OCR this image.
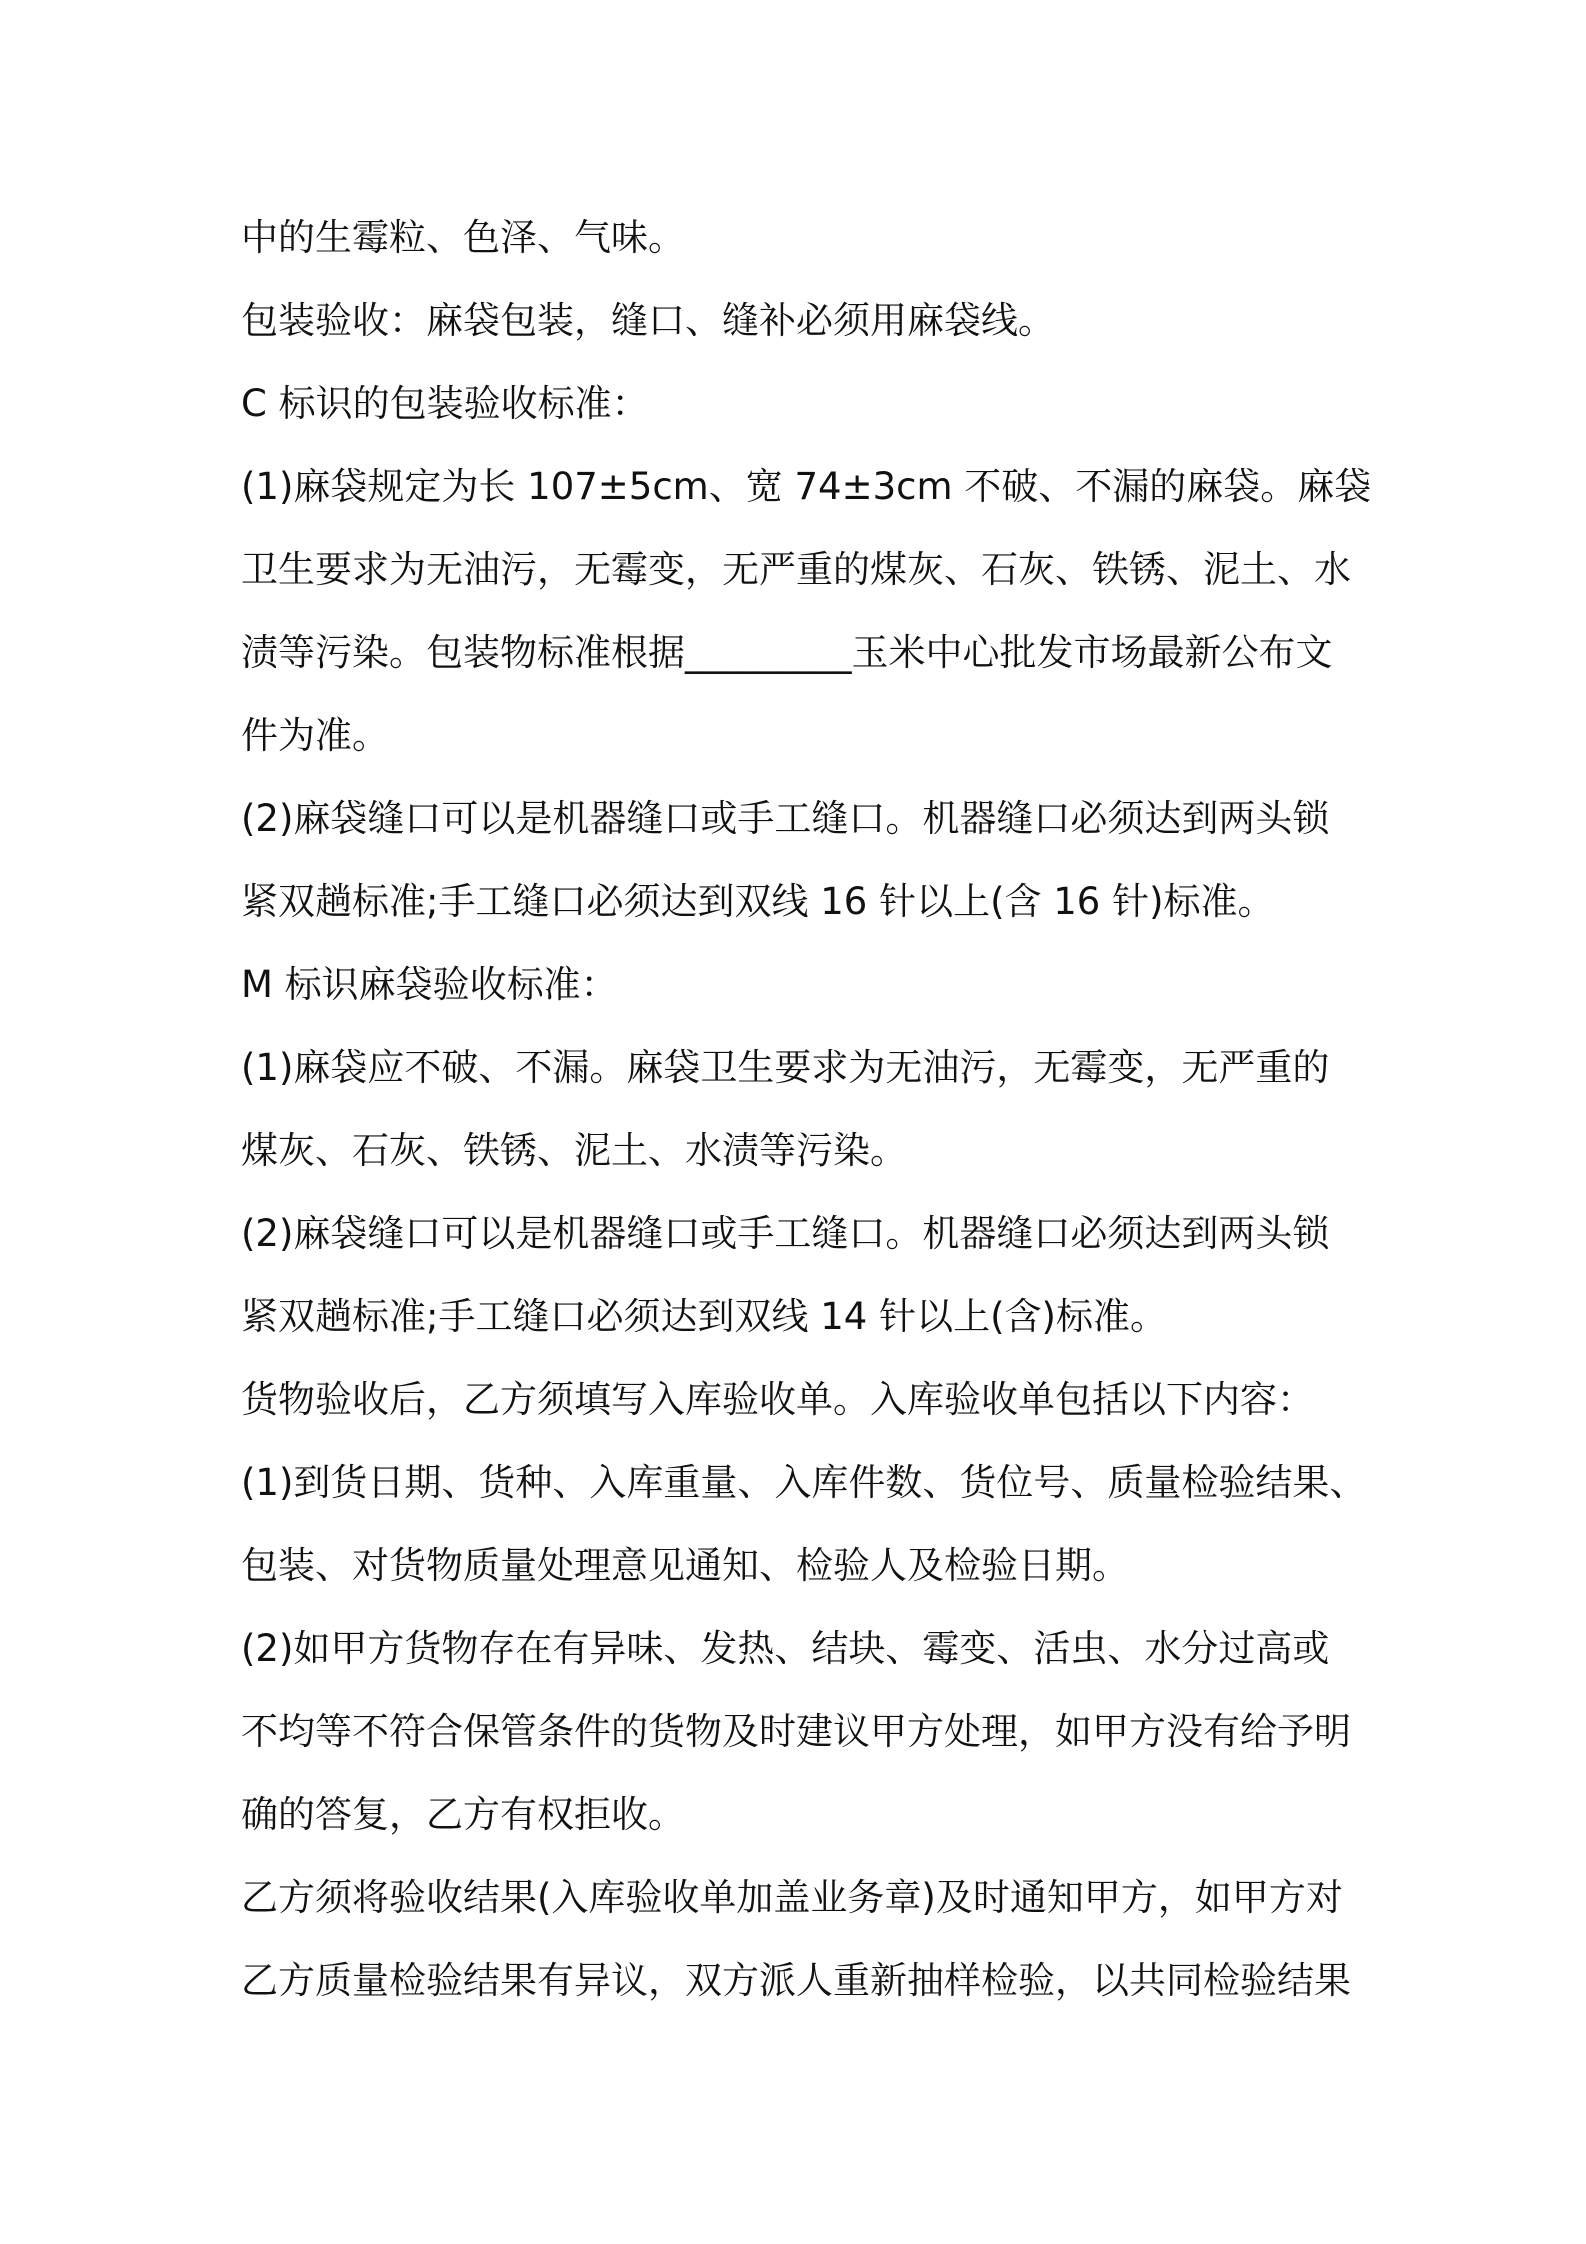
中的生霉粒、色泽、气味。
包装验收：麻袋包装，缝口、缝补必须用麻袋线。
C 标识的包装验收标准：
(1)麻袋规定为长 107±5cm、宽 74±3cm 不破、不漏的麻袋。麻袋
卫生要求为无油污，无霉变，无严重的煤灰、石灰、铁锈、泥土、水
渍等污染。包装物标准根据_________玉米中心批发市场最新公布文
件为准。
(2)麻袋缝口可以是机器缝口或手工缝口。机器缝口必须达到两头锁
紧双趟标准;手工缝口必须达到双线 16 针以上(含 16 针)标准。
M 标识麻袋验收标准：
(1)麻袋应不破、不漏。麻袋卫生要求为无油污，无霉变，无严重的
煤灰、石灰、铁锈、泥土、水渍等污染。
(2)麻袋缝口可以是机器缝口或手工缝口。机器缝口必须达到两头锁
紧双趟标准;手工缝口必须达到双线 14 针以上(含)标准。
货物验收后，乙方须填写入库验收单。入库验收单包括以下内容：
(1)到货日期、货种、入库重量、入库件数、货位号、质量检验结果、
包装、对货物质量处理意见通知、检验人及检验日期。
(2)如甲方货物存在有异味、发热、结块、霉变、活虫、水分过高或
不均等不符合保管条件的货物及时建议甲方处理，如甲方没有给予明
确的答复，乙方有权拒收。
乙方须将验收结果(入库验收单加盖业务章)及时通知甲方，如甲方对
乙方质量检验结果有异议，双方派人重新抽样检验，以共同检验结果
